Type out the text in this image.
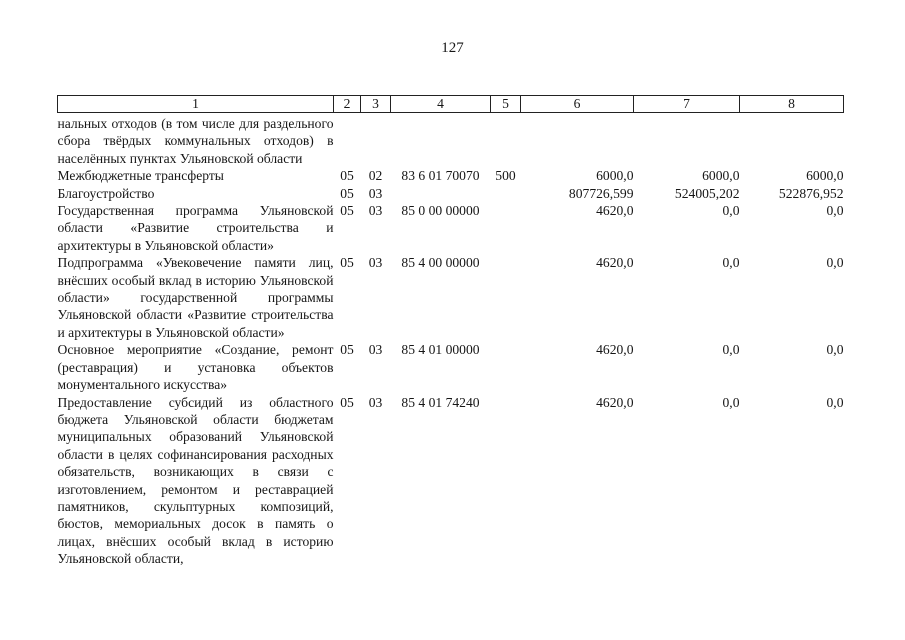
127
1	2	3	4	5	6	7	8
нальных отходов (в том числе для раздельного сбора твёрдых коммунальных отходов) в населённых пунктах Ульяновской области							
Межбюджетные трансферты	05	02	83 6 01 70070	500	6000,0	6000,0	6000,0
Благоустройство	05	03			807726,599	524005,202	522876,952
Государственная программа Ульяновской области «Развитие строительства и архитектуры в Ульяновской области»	05	03	85 0 00 00000		4620,0	0,0	0,0
Подпрограмма «Увековечение памяти лиц, внёсших особый вклад в историю Ульяновской области» государственной программы Ульяновской области «Развитие строительства и архитектуры в Ульяновской области»	05	03	85 4 00 00000		4620,0	0,0	0,0
Основное мероприятие «Создание, ремонт (реставрация) и установка объектов монументального искусства»	05	03	85 4 01 00000		4620,0	0,0	0,0
Предоставление субсидий из областного бюджета Ульяновской области бюджетам муниципальных образований Ульяновской области в целях софинансирования расходных обязательств, возникающих в связи с изготовлением, ремонтом и реставрацией памятников, скульптурных композиций, бюстов, мемориальных досок в память о лицах, внёсших особый вклад в историю Ульяновской области,	05	03	85 4 01 74240		4620,0	0,0	0,0
